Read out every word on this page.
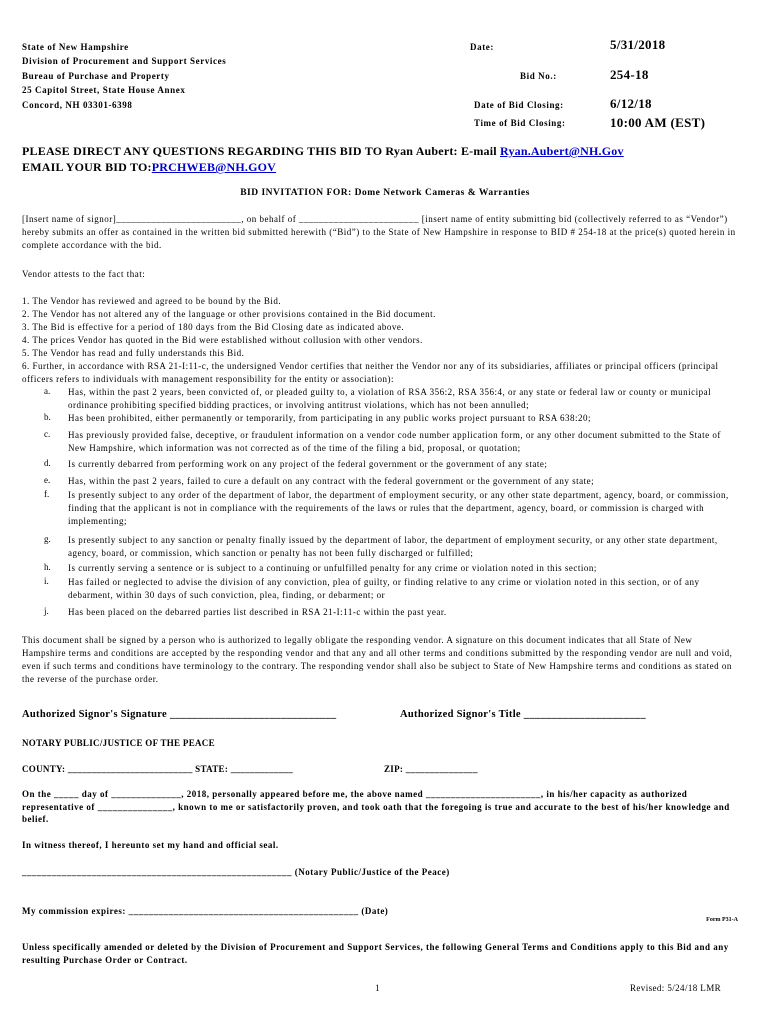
State of New Hampshire
Division of Procurement and Support Services
Bureau of Purchase and Property
25 Capitol Street, State House Annex
Concord, NH 03301-6398
Date:	5/31/2018
Bid No.:	254-18
Date of Bid Closing:	6/12/18
Time of Bid Closing:	10:00 AM (EST)
PLEASE DIRECT ANY QUESTIONS REGARDING THIS BID TO Ryan Aubert: E-mail Ryan.Aubert@NH.Gov
EMAIL YOUR BID TO:PRCHWEB@NH.GOV
BID INVITATION FOR: Dome Network Cameras & Warranties
[Insert name of signor]_________________________, on behalf of ________________________ [insert name of entity submitting bid (collectively referred to as “Vendor”) hereby submits an offer as contained in the written bid submitted herewith (“Bid”) to the State of New Hampshire in response to BID # 254-18 at the price(s) quoted herein in complete accordance with the bid.
Vendor attests to the fact that:
1. The Vendor has reviewed and agreed to be bound by the Bid.
2. The Vendor has not altered any of the language or other provisions contained in the Bid document.
3. The Bid is effective for a period of 180 days from the Bid Closing date as indicated above.
4. The prices Vendor has quoted in the Bid were established without collusion with other vendors.
5. The Vendor has read and fully understands this Bid.
6. Further, in accordance with RSA 21-I:11-c, the undersigned Vendor certifies that neither the Vendor nor any of its subsidiaries, affiliates or principal officers (principal officers refers to individuals with management responsibility for the entity or association):
a.	Has, within the past 2 years, been convicted of, or pleaded guilty to, a violation of RSA 356:2, RSA 356:4, or any state or federal law or county or municipal ordinance prohibiting specified bidding practices, or involving antitrust violations, which has not been annulled;
b.	Has been prohibited, either permanently or temporarily, from participating in any public works project pursuant to RSA 638:20;
c.	Has previously provided false, deceptive, or fraudulent information on a vendor code number application form, or any other document submitted to the State of New Hampshire, which information was not corrected as of the time of the filing a bid, proposal, or quotation;
d.	Is currently debarred from performing work on any project of the federal government or the government of any state;
e.	Has, within the past 2 years, failed to cure a default on any contract with the federal government or the government of any state;
f.	Is presently subject to any order of the department of labor, the department of employment security, or any other state department, agency, board, or commission, finding that the applicant is not in compliance with the requirements of the laws or rules that the department, agency, board, or commission is charged with implementing;
g.	Is presently subject to any sanction or penalty finally issued by the department of labor, the department of employment security, or any other state department, agency, board, or commission, which sanction or penalty has not been fully discharged or fulfilled;
h.	Is currently serving a sentence or is subject to a continuing or unfulfilled penalty for any crime or violation noted in this section;
i.	Has failed or neglected to advise the division of any conviction, plea of guilty, or finding relative to any crime or violation noted in this section, or of any debarment, within 30 days of such conviction, plea, finding, or debarment; or
j.	Has been placed on the debarred parties list described in RSA 21-I:11-c within the past year.
This document shall be signed by a person who is authorized to legally obligate the responding vendor. A signature on this document indicates that all State of New Hampshire terms and conditions are accepted by the responding vendor and that any and all other terms and conditions submitted by the responding vendor are null and void, even if such terms and conditions have terminology to the contrary. The responding vendor shall also be subject to State of New Hampshire terms and conditions as stated on the reverse of the purchase order.
Authorized Signor's Signature ______________________________	Authorized Signor's Title ______________________
NOTARY PUBLIC/JUSTICE OF THE PEACE
COUNTY: __________________________ STATE: _____________	ZIP: _______________
On the _____ day of ______________, 2018, personally appeared before me, the above named _______________________, in his/her capacity as authorized representative of _______________, known to me or satisfactorily proven, and took oath that the foregoing is true and accurate to the best of his/her knowledge and belief.
In witness thereof, I hereunto set my hand and official seal.
______________________________________________________ (Notary Public/Justice of the Peace)
My commission expires: ______________________________________________ (Date)
Form P31-A
Unless specifically amended or deleted by the Division of Procurement and Support Services, the following General Terms and Conditions apply to this Bid and any resulting Purchase Order or Contract.
1	Revised: 5/24/18 LMR
